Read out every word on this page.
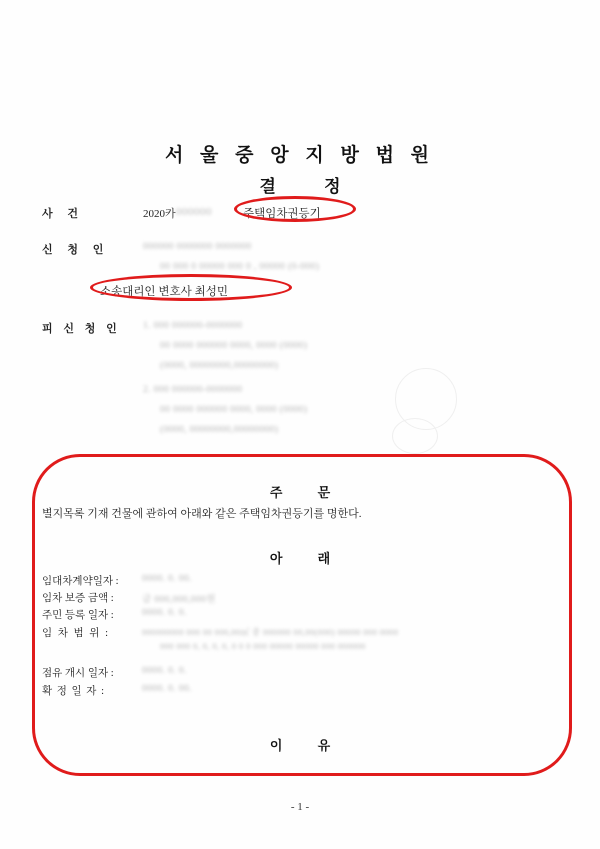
서 울 중 앙 지 방 법 원
결 정
사 건	2020카 000000	주택임차권등기
신 청 인	000000 0000000 0000000
00 000 0 00000 000 0 , 00000 (0-000)
소송대리인 변호사 최성민
피 신 청 인 1. 000 000000-0000000
00 0000 000000 0000, 0000 (0000)
(0000, 00000000,00000000)
2. 000 000000-0000000
00 0000 000000 0000, 0000 (0000)
(0000, 00000000,00000000)
주 문
별지목록 기재 건물에 관하여 아래와 같은 주택임차권등기를 명한다.
아 래
임대차계약일자 : 0000. 0. 00.
임차 보증 금액 :	금 000,000,000원
주민 등록 일자 :	0000. 0. 0.
임 차 범 위 :	000000000 000 00 000,00㎡ 중 000000 00,00(000) 00000 000 0000
000 000 0, 0, 0, 0, 0 0 0 000 00000 00000 000 000000
점유 개시 일자 :	0000. 0. 0.
확 정 일 자 :	0000. 0. 00.
이 유
- 1 -
